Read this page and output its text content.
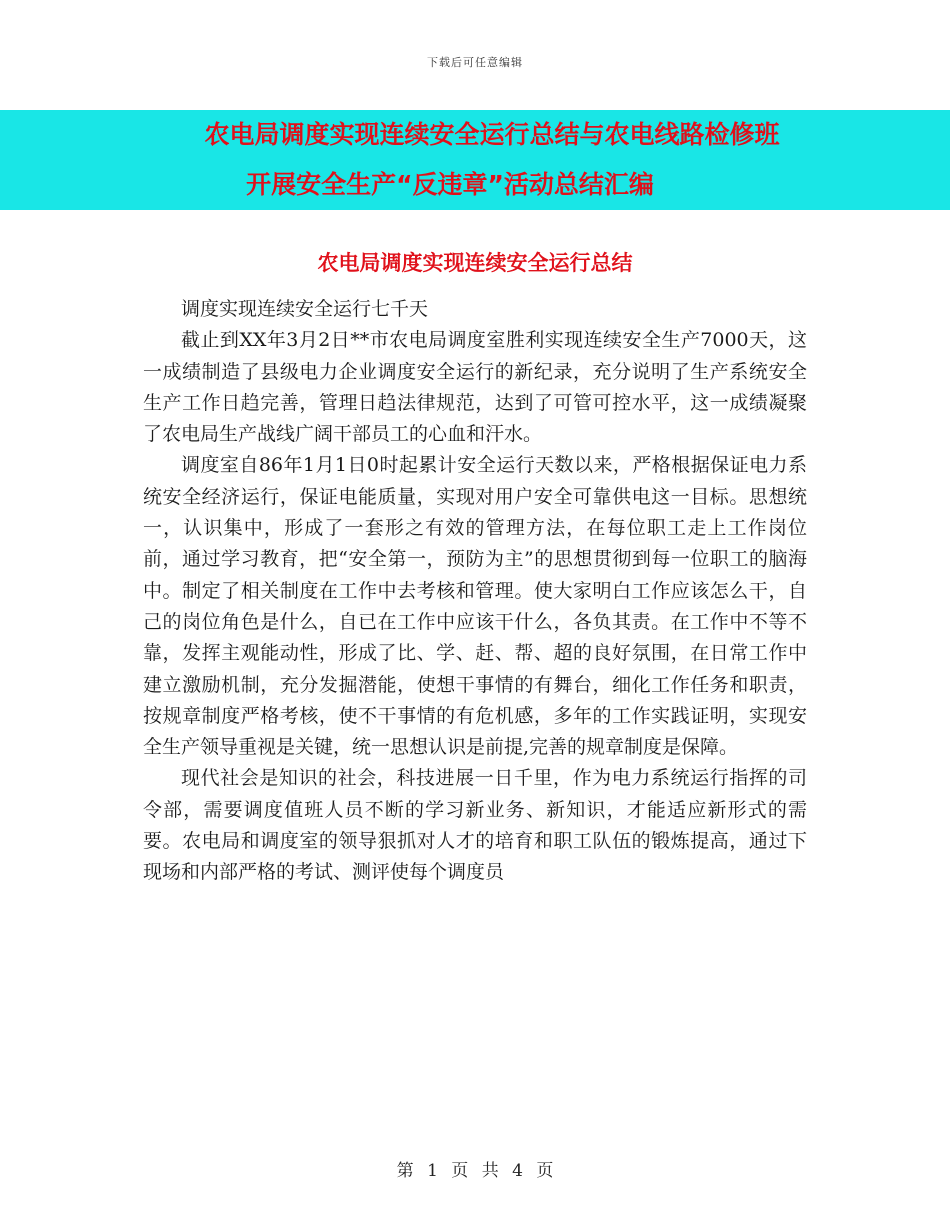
下载后可任意编辑
农电局调度实现连续安全运行总结与农电线路检修班
开展安全生产“反违章”活动总结汇编
农电局调度实现连续安全运行总结

调度实现连续安全运行七千天

截止到XX年3月2日**市农电局调度室胜利实现连续安全生产7000天，这一成绩制造了县级电力企业调度安全运行的新纪录，充分说明了生产系统安全生产工作日趋完善，管理日趋法律规范，达到了可管可控水平，这一成绩凝聚了农电局生产战线广阔干部员工的心血和汗水。

调度室自86年1月1日0时起累计安全运行天数以来，严格根据保证电力系统安全经济运行，保证电能质量，实现对用户安全可靠供电这一目标。思想统一，认识集中，形成了一套形之有效的管理方法，在每位职工走上工作岗位前，通过学习教育，把“安全第一，预防为主”的思想贯彻到每一位职工的脑海中。制定了相关制度在工作中去考核和管理。使大家明白工作应该怎么干，自己的岗位角色是什么，自已在工作中应该干什么，各负其责。在工作中不等不靠，发挥主观能动性，形成了比、学、赶、帮、超的良好氛围，在日常工作中建立激励机制，充分发掘潜能，使想干事情的有舞台，细化工作任务和职责，按规章制度严格考核，使不干事情的有危机感，多年的工作实践证明，实现安全生产领导重视是关键，统一思想认识是前提,完善的规章制度是保障。

现代社会是知识的社会，科技进展一日千里，作为电力系统运行指挥的司令部，需要调度值班人员不断的学习新业务、新知识，才能适应新形式的需要。农电局和调度室的领导狠抓对人才的培育和职工队伍的锻炼提高，通过下现场和内部严格的考试、测评使每个调度员

第 1 页 共 4 页
